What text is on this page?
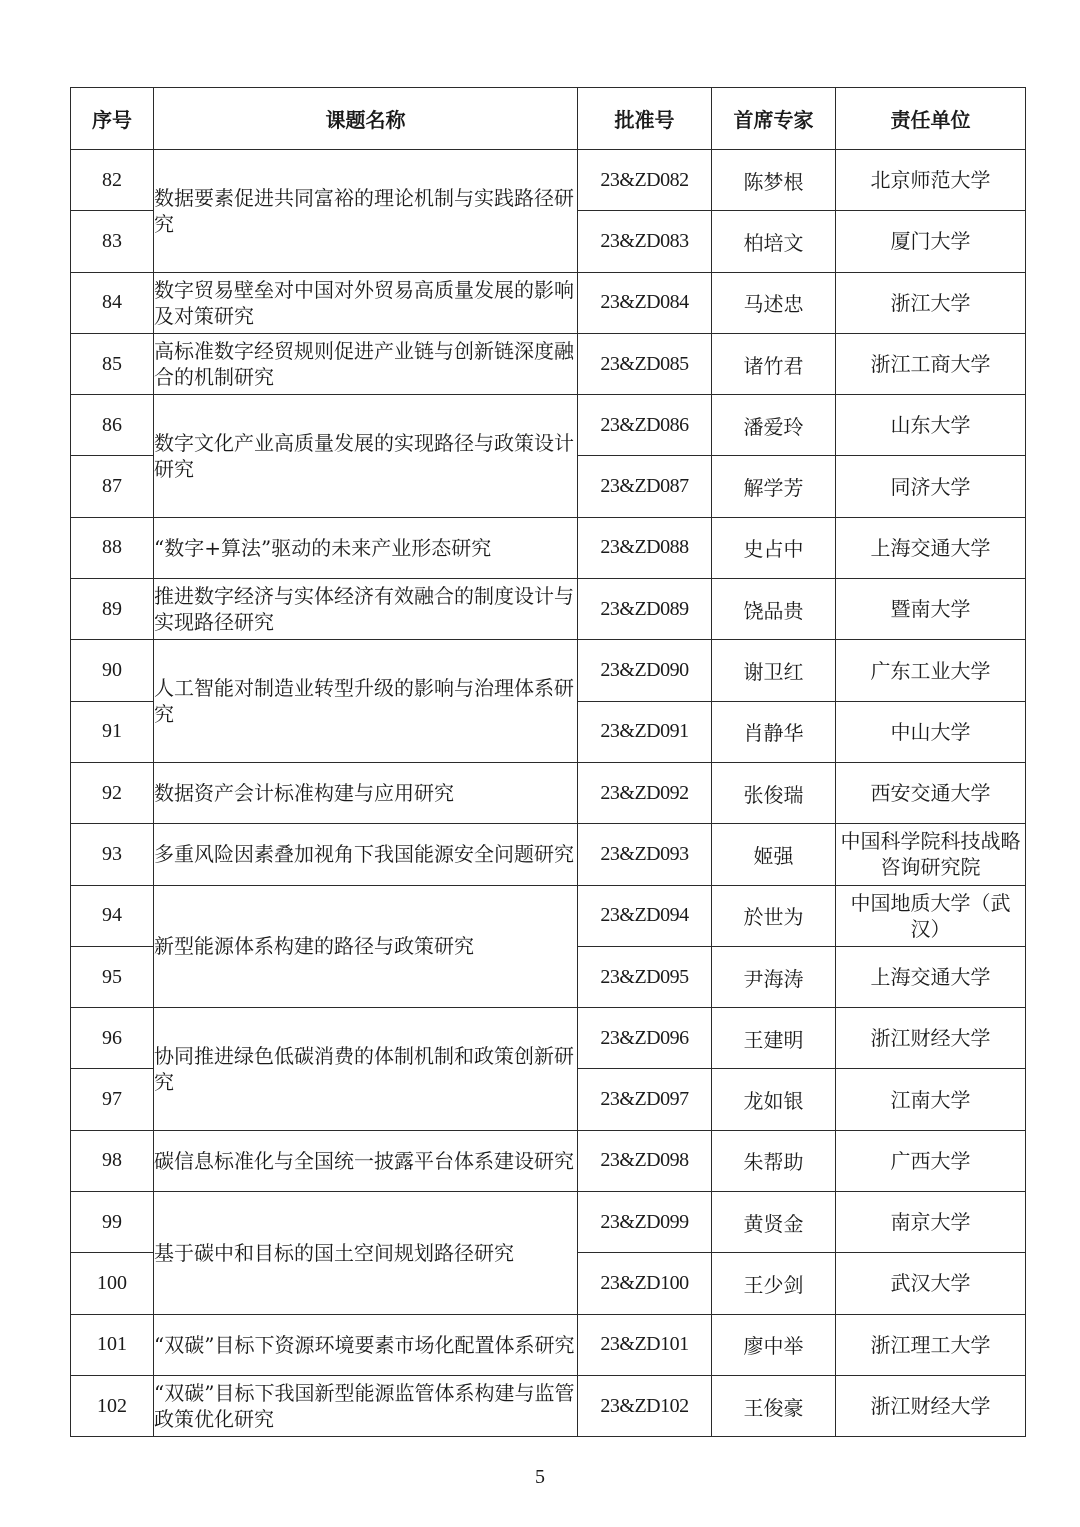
序号	课题名称	批准号	首席专家	责任单位
82	数据要素促进共同富裕的理论机制与实践路径研究	23&ZD082	陈梦根	北京师范大学
83		23&ZD083	柏培文	厦门大学
84	数字贸易壁垒对中国对外贸易高质量发展的影响及对策研究	23&ZD084	马述忠	浙江大学
85	高标准数字经贸规则促进产业链与创新链深度融合的机制研究	23&ZD085	诸竹君	浙江工商大学
86	数字文化产业高质量发展的实现路径与政策设计研究	23&ZD086	潘爱玲	山东大学
87		23&ZD087	解学芳	同济大学
88	“数字+算法”驱动的未来产业形态研究	23&ZD088	史占中	上海交通大学
89	推进数字经济与实体经济有效融合的制度设计与实现路径研究	23&ZD089	饶品贵	暨南大学
90	人工智能对制造业转型升级的影响与治理体系研究	23&ZD090	谢卫红	广东工业大学
91		23&ZD091	肖静华	中山大学
92	数据资产会计标准构建与应用研究	23&ZD092	张俊瑞	西安交通大学
93	多重风险因素叠加视角下我国能源安全问题研究	23&ZD093	姬强	中国科学院科技战略咨询研究院
94	新型能源体系构建的路径与政策研究	23&ZD094	於世为	中国地质大学（武汉）
95		23&ZD095	尹海涛	上海交通大学
96	协同推进绿色低碳消费的体制机制和政策创新研究	23&ZD096	王建明	浙江财经大学
97		23&ZD097	龙如银	江南大学
98	碳信息标准化与全国统一披露平台体系建设研究	23&ZD098	朱帮助	广西大学
99	基于碳中和目标的国土空间规划路径研究	23&ZD099	黄贤金	南京大学
100		23&ZD100	王少剑	武汉大学
101	“双碳”目标下资源环境要素市场化配置体系研究	23&ZD101	廖中举	浙江理工大学
102	“双碳”目标下我国新型能源监管体系构建与监管政策优化研究	23&ZD102	王俊豪	浙江财经大学
5
